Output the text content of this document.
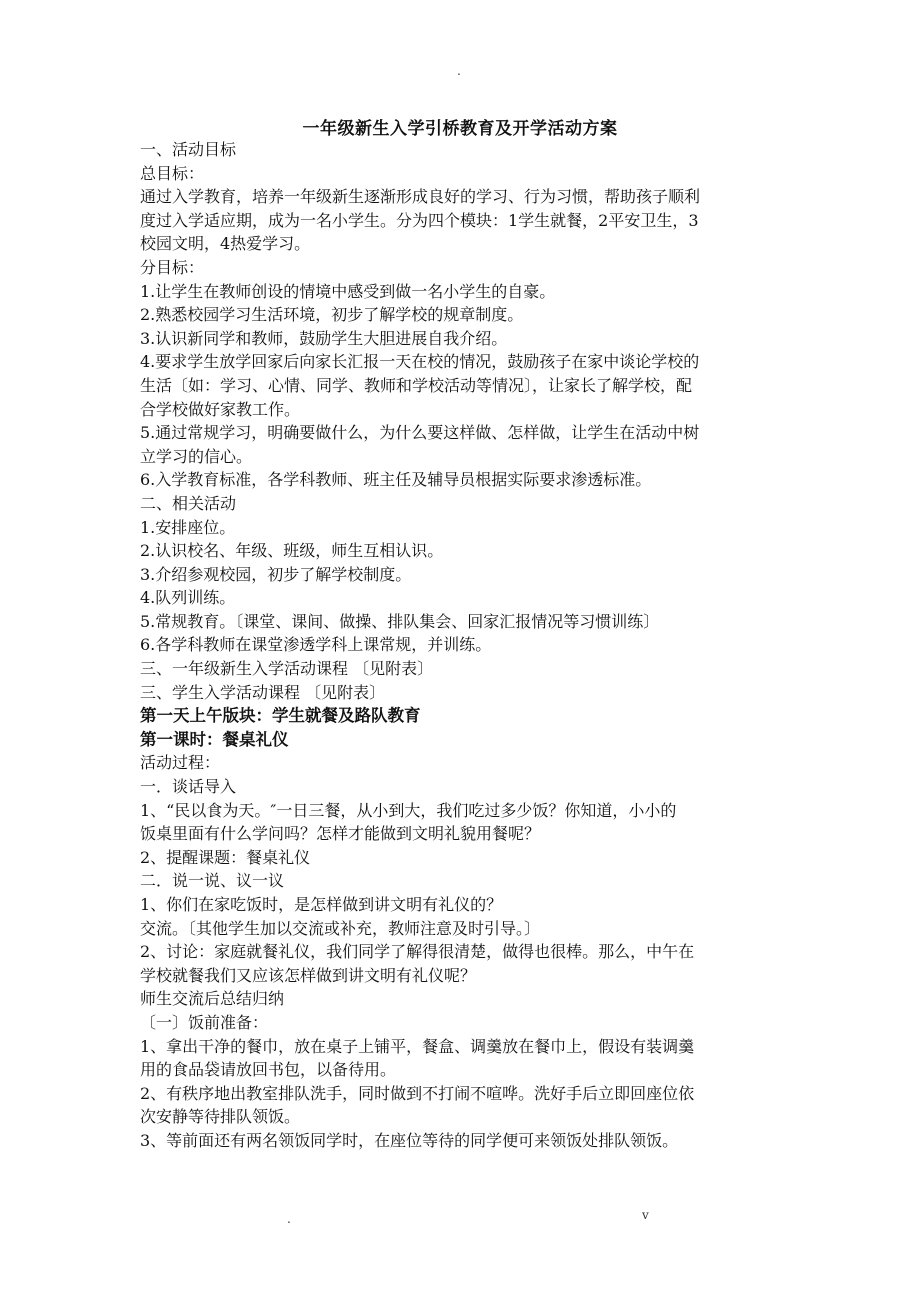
.
一年级新生入学引桥教育及开学活动方案
一、活动目标
总目标：
通过入学教育，培养一年级新生逐渐形成良好的学习、行为习惯，帮助孩子顺利
度过入学适应期，成为一名小学生。分为四个模块：1学生就餐，2平安卫生，3
校园文明，4热爱学习。
分目标：
1.让学生在教师创设的情境中感受到做一名小学生的自豪。
2.熟悉校园学习生活环境，初步了解学校的规章制度。
3.认识新同学和教师，鼓励学生大胆进展自我介绍。
4.要求学生放学回家后向家长汇报一天在校的情况，鼓励孩子在家中谈论学校的
生活〔如：学习、心情、同学、教师和学校活动等情况〕，让家长了解学校，配
合学校做好家教工作。
5.通过常规学习，明确要做什么，为什么要这样做、怎样做，让学生在活动中树
立学习的信心。
6.入学教育标准，各学科教师、班主任及辅导员根据实际要求渗透标准。
二、相关活动
1.安排座位。
2.认识校名、年级、班级，师生互相认识。
3.介绍参观校园，初步了解学校制度。
4.队列训练。
5.常规教育。〔课堂、课间、做操、排队集会、回家汇报情况等习惯训练〕
6.各学科教师在课堂渗透学科上课常规，并训练。
三、一年级新生入学活动课程 〔见附表〕
三、学生入学活动课程 〔见附表〕
第一天上午版块：学生就餐及路队教育
第一课时：餐桌礼仪
活动过程：
一．谈话导入
1、“民以食为天。″一日三餐，从小到大，我们吃过多少饭？你知道，小小的
饭桌里面有什么学问吗？怎样才能做到文明礼貌用餐呢？
2、提醒课题：餐桌礼仪
二．说一说、议一议
1、你们在家吃饭时，是怎样做到讲文明有礼仪的？
交流。〔其他学生加以交流或补充，教师注意及时引导。〕
2、讨论：家庭就餐礼仪，我们同学了解得很清楚，做得也很棒。那么，中午在
学校就餐我们又应该怎样做到讲文明有礼仪呢？
师生交流后总结归纳
〔一〕饭前准备：
1、拿出干净的餐巾，放在桌子上铺平，餐盒、调羹放在餐巾上，假设有装调羹
用的食品袋请放回书包，以备待用。
2、有秩序地出教室排队洗手，同时做到不打闹不喧哗。洗好手后立即回座位依
次安静等待排队领饭。
3、等前面还有两名领饭同学时，在座位等待的同学便可来领饭处排队领饭。
.	v
